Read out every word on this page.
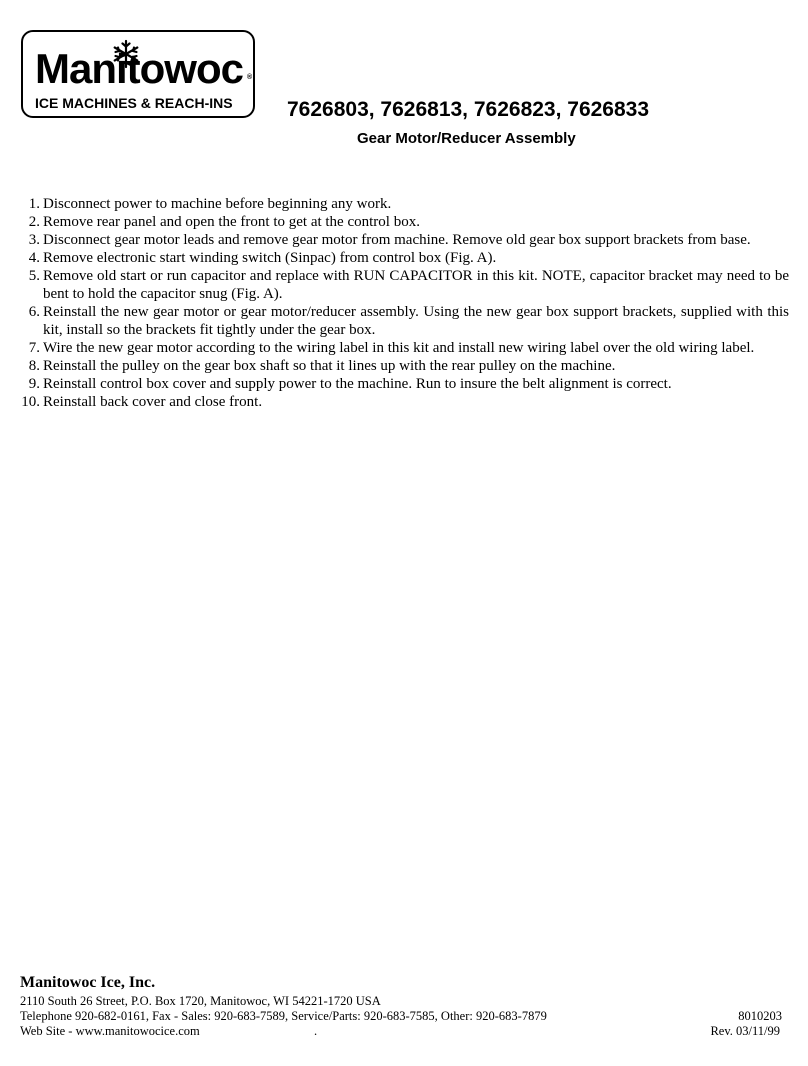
Manitowoc ®
ICE MACHINES & REACH-INS	7626803, 7626813, 7626823, 7626833
Gear Motor/Reducer Assembly
1. Disconnect power to machine before beginning any work.
2. Remove rear panel and open the front to get at the control box.
3. Disconnect gear motor leads and remove gear motor from machine. Remove old gear box support brackets from base.
4. Remove electronic start winding switch (Sinpac) from control box (Fig. A).
5. Remove old start or run capacitor and replace with RUN CAPACITOR in this kit. NOTE, capacitor bracket may need to be bent to hold the capacitor snug (Fig. A).
6. Reinstall the new gear motor or gear motor/reducer assembly. Using the new gear box support brackets, supplied with this kit, install so the brackets fit tightly under the gear box.
7. Wire the new gear motor according to the wiring label in this kit and install new wiring label over the old wiring label.
8. Reinstall the pulley on the gear box shaft so that it lines up with the rear pulley on the machine.
9. Reinstall control box cover and supply power to the machine. Run to insure the belt alignment is correct.
10. Reinstall back cover and close front.
Manitowoc Ice, Inc.
2110 South 26 Street, P.O. Box 1720, Manitowoc, WI 54221-1720 USA
Telephone 920-682-0161, Fax - Sales: 920-683-7589, Service/Parts: 920-683-7585, Other: 920-683-7879	8010203
Web Site - www.manitowocice.com	.	Rev. 03/11/99
